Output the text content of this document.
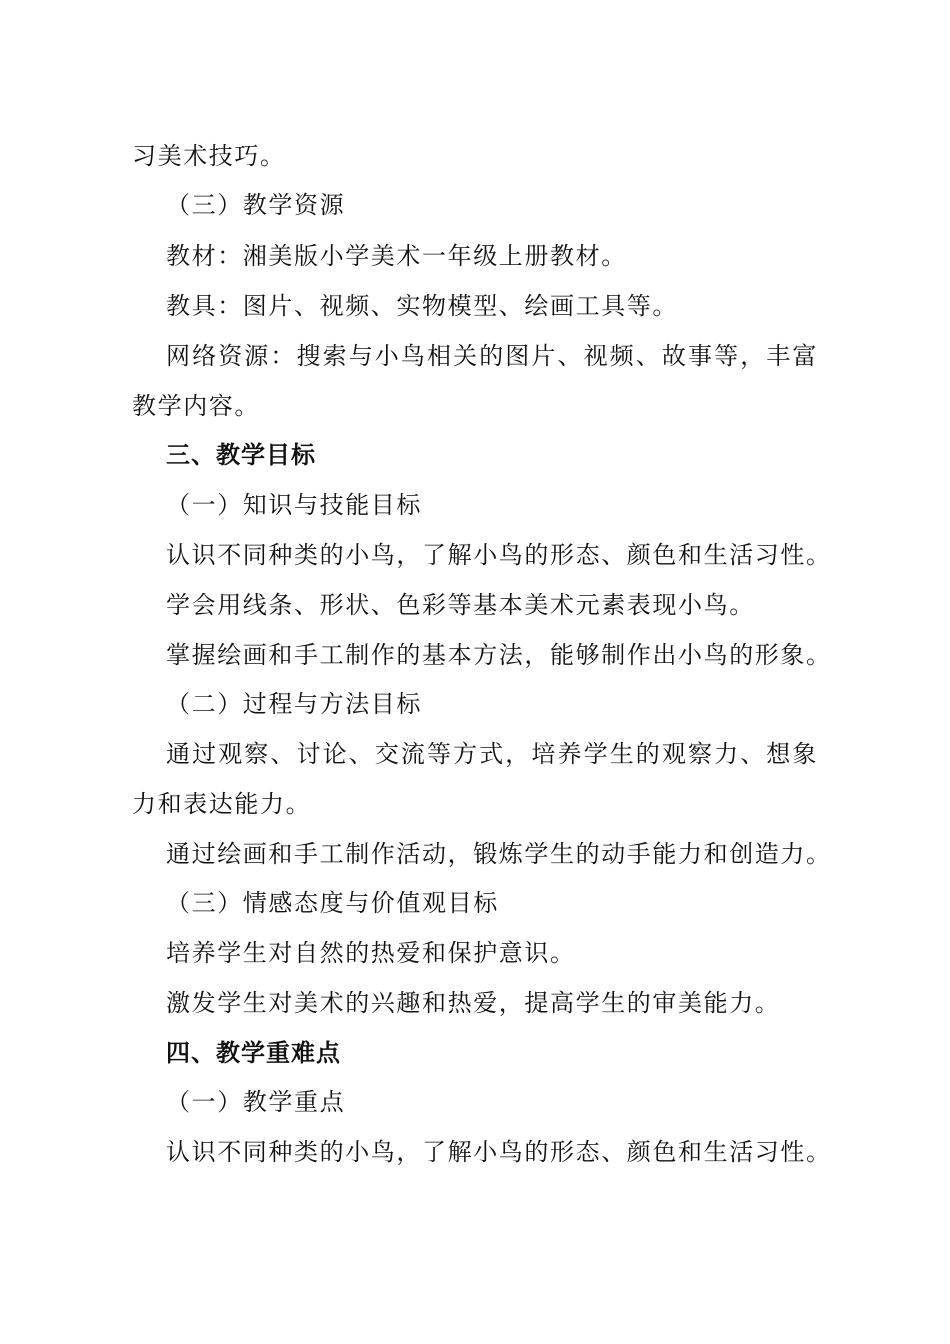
习美术技巧。
（三）教学资源
教材：湘美版小学美术一年级上册教材。
教具：图片、视频、实物模型、绘画工具等。
网络资源：搜索与小鸟相关的图片、视频、故事等，丰富
教学内容。
三、教学目标
（一）知识与技能目标
认识不同种类的小鸟，了解小鸟的形态、颜色和生活习性。
学会用线条、形状、色彩等基本美术元素表现小鸟。
掌握绘画和手工制作的基本方法，能够制作出小鸟的形象。
（二）过程与方法目标
通过观察、讨论、交流等方式，培养学生的观察力、想象
力和表达能力。
通过绘画和手工制作活动，锻炼学生的动手能力和创造力。
（三）情感态度与价值观目标
培养学生对自然的热爱和保护意识。
激发学生对美术的兴趣和热爱，提高学生的审美能力。
四、教学重难点
（一）教学重点
认识不同种类的小鸟，了解小鸟的形态、颜色和生活习性。
